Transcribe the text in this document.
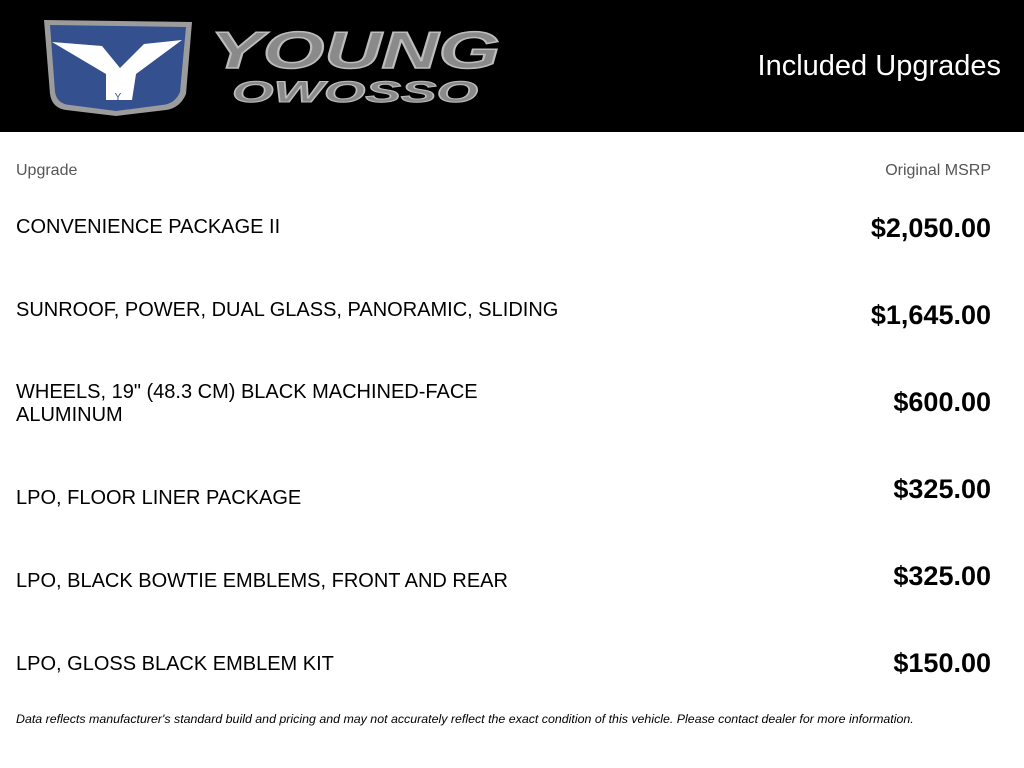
Y
YOUNG
OWOSSO
Included Upgrades
Upgrade	Original MSRP
CONVENIENCE PACKAGE II	$2,050.00
SUNROOF, POWER, DUAL GLASS, PANORAMIC, SLIDING	$1,645.00
WHEELS, 19" (48.3 CM) BLACK MACHINED-FACE ALUMINUM	$600.00
LPO, FLOOR LINER PACKAGE	$325.00
LPO, BLACK BOWTIE EMBLEMS, FRONT AND REAR	$325.00
LPO, GLOSS BLACK EMBLEM KIT	$150.00
Data reflects manufacturer's standard build and pricing and may not accurately reflect the exact condition of this vehicle. Please contact dealer for more information.
